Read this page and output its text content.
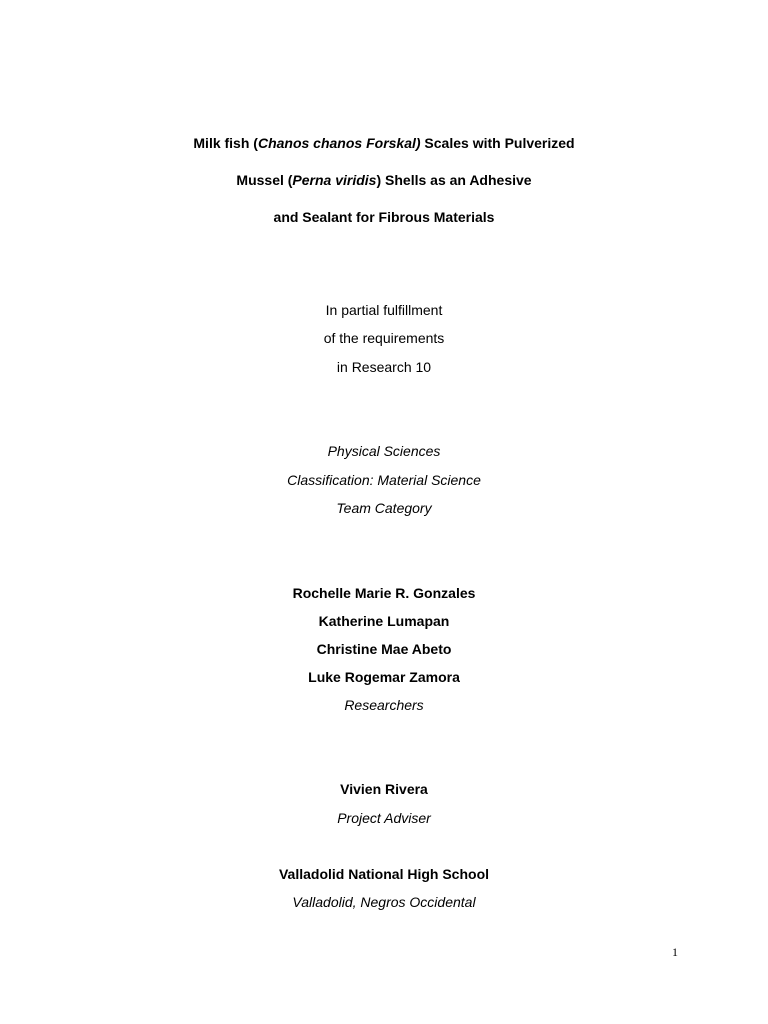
Milk fish (Chanos chanos Forskal) Scales with Pulverized
Mussel (Perna viridis) Shells as an Adhesive
and Sealant for Fibrous Materials
In partial fulfillment
of the requirements
in Research 10
Physical Sciences
Classification: Material Science
Team Category
Rochelle Marie R. Gonzales
Katherine Lumapan
Christine Mae Abeto
Luke Rogemar Zamora
Researchers
Vivien Rivera
Project Adviser
Valladolid National High School
Valladolid, Negros Occidental
1
